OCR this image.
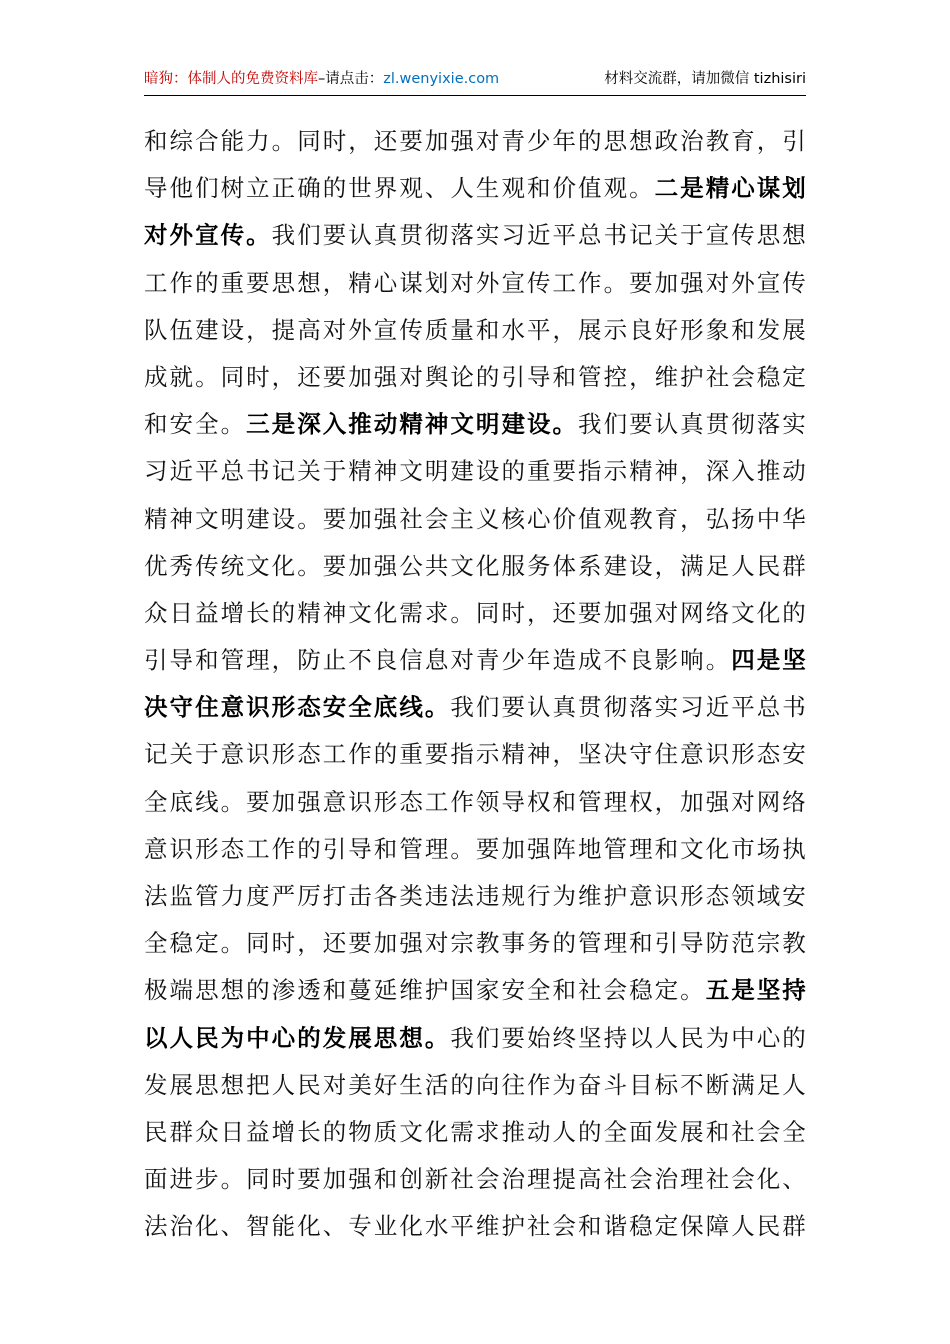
暗狗：体制人的免费资料库–请点击：zl.wenyixie.com	材料交流群，请加微信 tizhisiri
和 综 合 能 力 。 同 时 ， 还 要 加 强 对 青 少 年 的 思 想 政 治 教 育 ， 引
导 他 们 树 立 正 确 的 世 界 观 、 人 生 观 和 价 值 观 。 二 是 精 心 谋 划
对 外 宣 传 。 我 们 要 认 真 贯 彻 落 实 习 近 平 总 书 记 关 于 宣 传 思 想
工 作 的 重 要 思 想 ， 精 心 谋 划 对 外 宣 传 工 作 。 要 加 强 对 外 宣 传
队 伍 建 设 ， 提 高 对 外 宣 传 质 量 和 水 平 ， 展 示 良 好 形 象 和 发 展
成 就 。 同 时 ， 还 要 加 强 对 舆 论 的 引 导 和 管 控 ， 维 护 社 会 稳 定
和 安 全 。 三 是 深 入 推 动 精 神 文 明 建 设 。 我 们 要 认 真 贯 彻 落 实
习 近 平 总 书 记 关 于 精 神 文 明 建 设 的 重 要 指 示 精 神 ， 深 入 推 动
精 神 文 明 建 设 。 要 加 强 社 会 主 义 核 心 价 值 观 教 育 ， 弘 扬 中 华
优 秀 传 统 文 化 。 要 加 强 公 共 文 化 服 务 体 系 建 设 ， 满 足 人 民 群
众 日 益 增 长 的 精 神 文 化 需 求 。 同 时 ， 还 要 加 强 对 网 络 文 化 的
引 导 和 管 理 ， 防 止 不 良 信 息 对 青 少 年 造 成 不 良 影 响 。 四 是 坚
决 守 住 意 识 形 态 安 全 底 线 。 我 们 要 认 真 贯 彻 落 实 习 近 平 总 书
记 关 于 意 识 形 态 工 作 的 重 要 指 示 精 神 ， 坚 决 守 住 意 识 形 态 安
全 底 线 。 要 加 强 意 识 形 态 工 作 领 导 权 和 管 理 权 ， 加 强 对 网 络
意 识 形 态 工 作 的 引 导 和 管 理 。 要 加 强 阵 地 管 理 和 文 化 市 场 执
法 监 管 力 度 严 厉 打 击 各 类 违 法 违 规 行 为 维 护 意 识 形 态 领 域 安
全 稳 定 。 同 时 ， 还 要 加 强 对 宗 教 事 务 的 管 理 和 引 导 防 范 宗 教
极 端 思 想 的 渗 透 和 蔓 延 维 护 国 家 安 全 和 社 会 稳 定 。 五 是 坚 持
以 人 民 为 中 心 的 发 展 思 想 。 我 们 要 始 终 坚 持 以 人 民 为 中 心 的
发 展 思 想 把 人 民 对 美 好 生 活 的 向 往 作 为 奋 斗 目 标 不 断 满 足 人
民 群 众 日 益 增 长 的 物 质 文 化 需 求 推 动 人 的 全 面 发 展 和 社 会 全
面 进 步 。 同 时 要 加 强 和 创 新 社 会 治 理 提 高 社 会 治 理 社 会 化 、
法 治 化 、 智 能 化 、 专 业 化 水 平 维 护 社 会 和 谐 稳 定 保 障 人 民 群
